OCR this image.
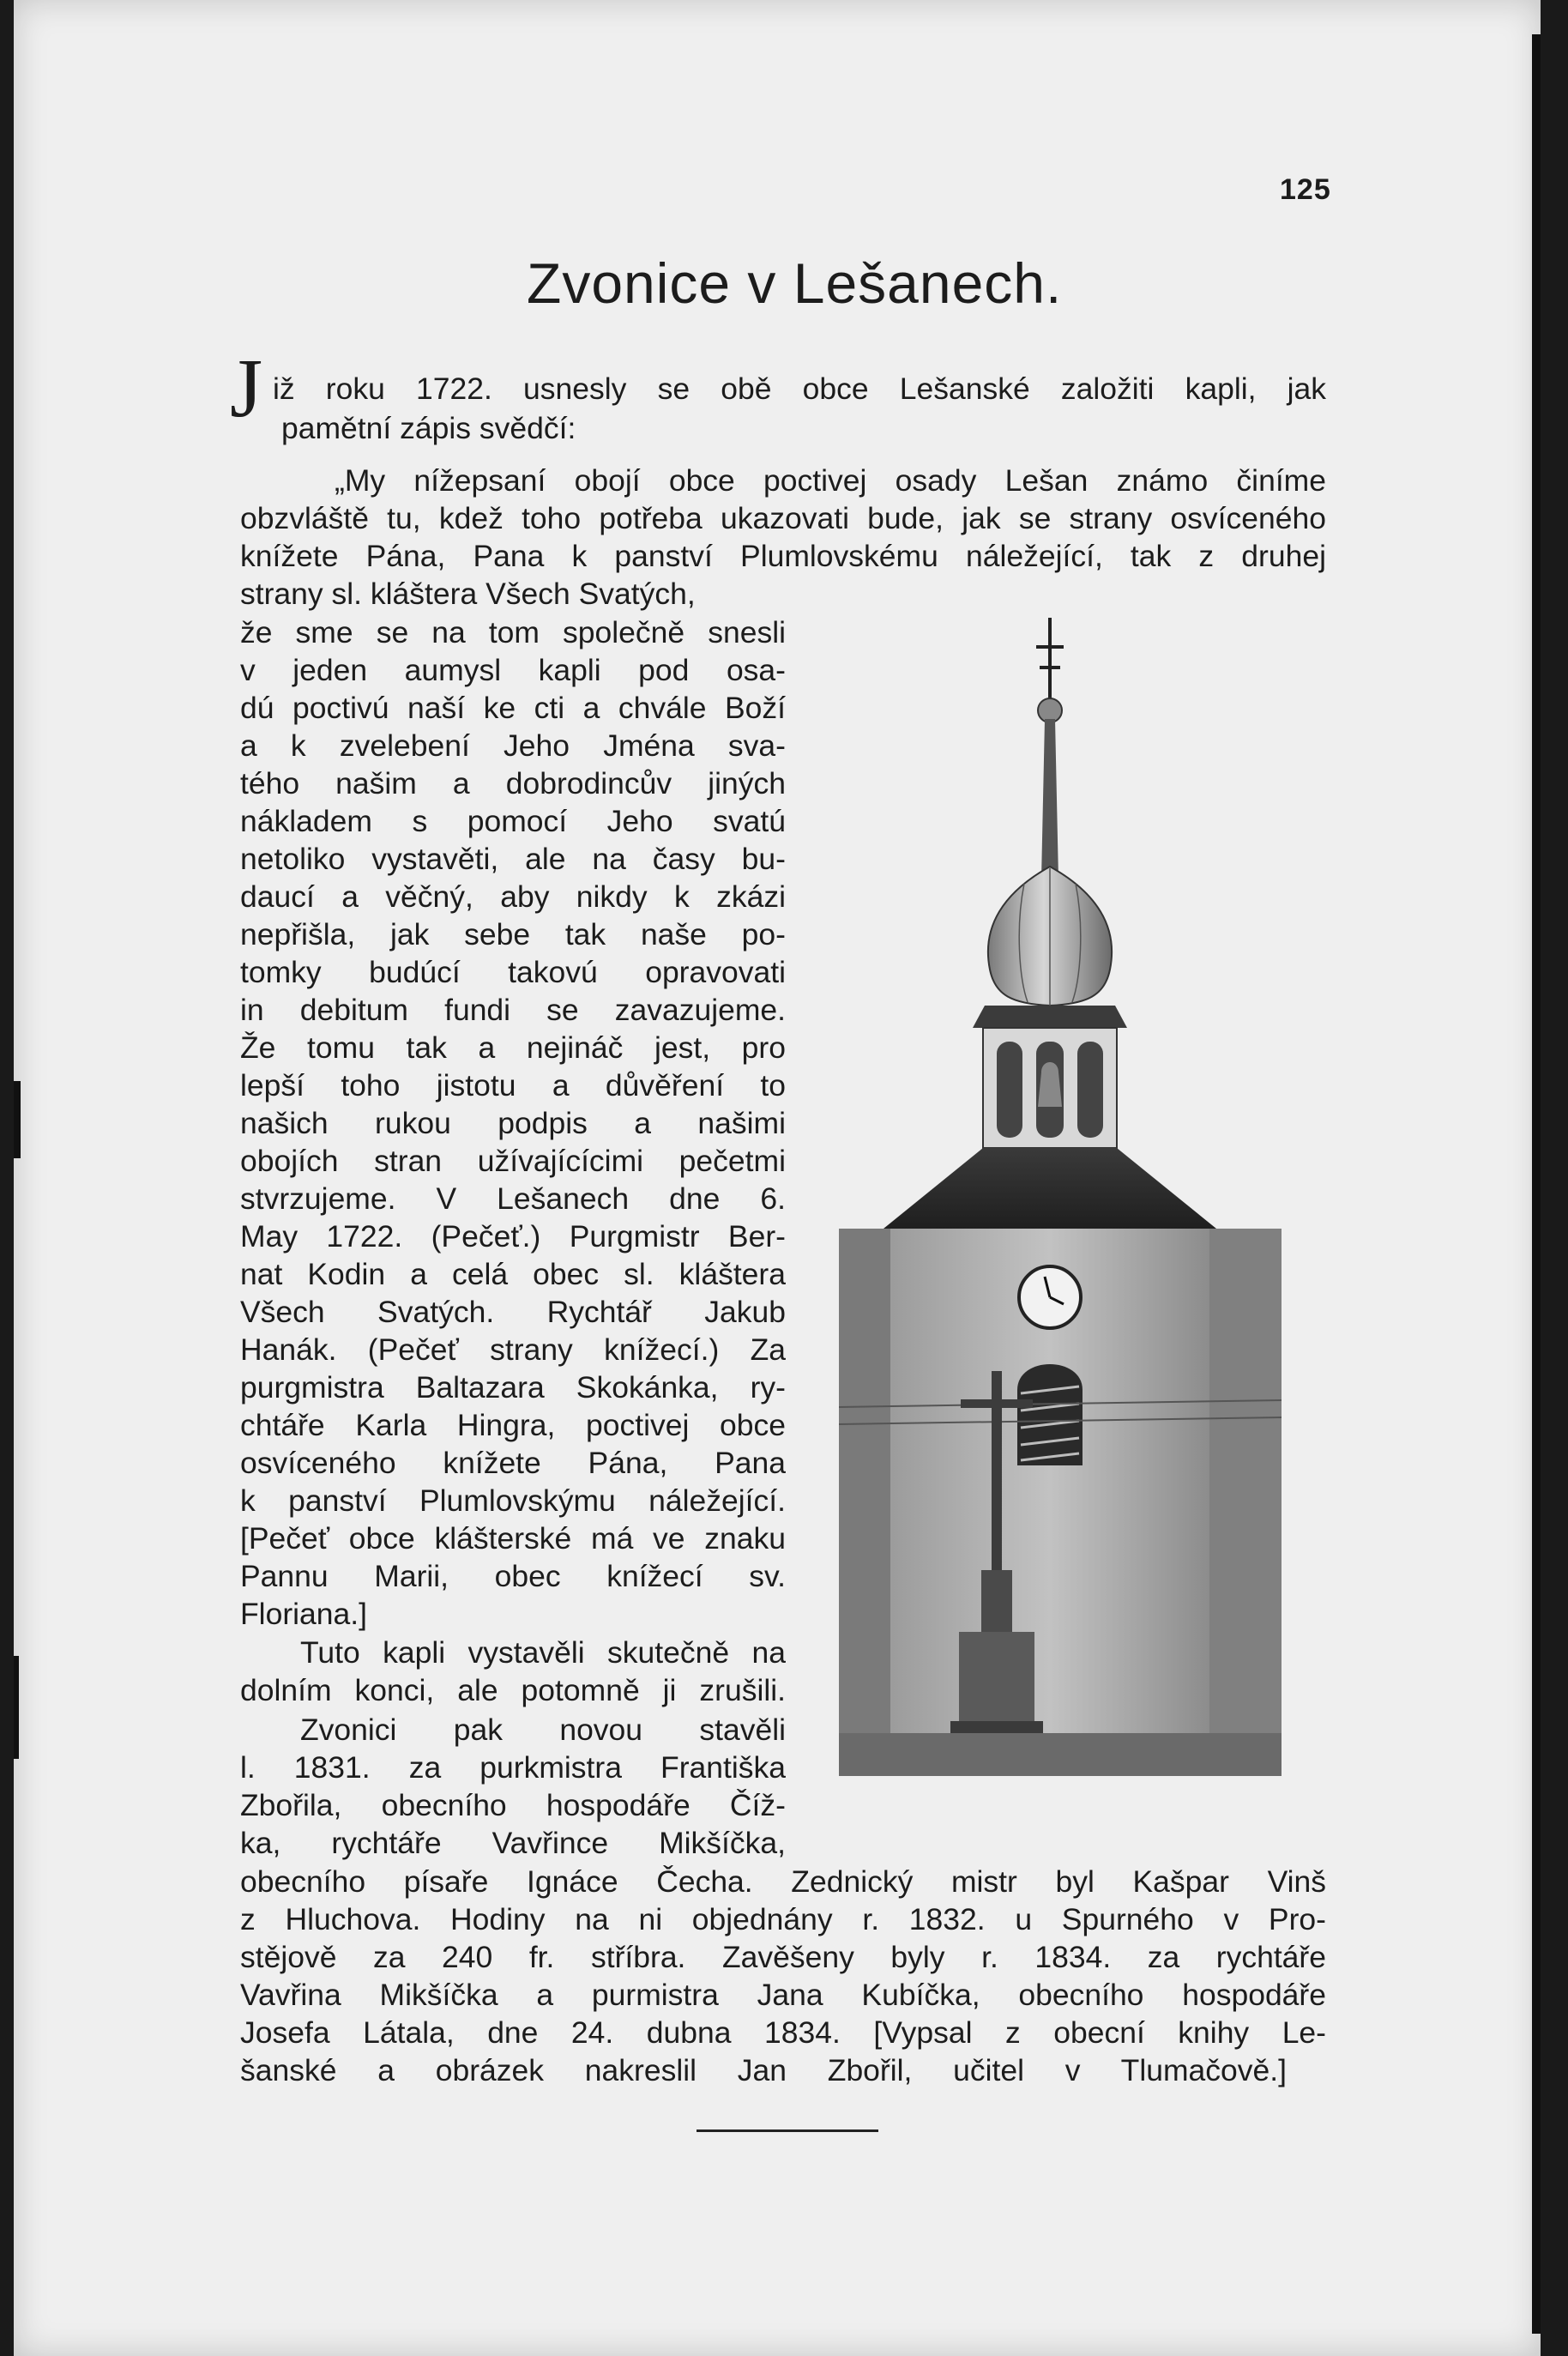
125
Zvonice v Lešanech.
J iž roku 1722. usnesly se obě obce Lešanské založiti kapli, jak
pamětní zápis svědčí:
„My nížepsaní obojí obce poctivej osady Lešan známo činíme
obzvláště tu, kdež toho potřeba ukazovati bude, jak se strany osvíceného
knížete Pána, Pana k panství Plumlovskému náležející, tak z druhej
strany sl. kláštera Všech Svatých,
že sme se na tom společně snesli
v jeden aumysl kapli pod osa-
dú poctivú naší ke cti a chvále Boží
a k zvelebení Jeho Jména sva-
tého našim a dobrodincův jiných
nákladem s pomocí Jeho svatú
netoliko vystavěti, ale na časy bu-
daucí a věčný, aby nikdy k zkázi
nepřišla, jak sebe tak naše po-
tomky budúcí takovú opravovati
in debitum fundi se zavazujeme.
Že tomu tak a nejináč jest, pro
lepší toho jistotu a důvěření to
našich rukou podpis a našimi
obojích stran užívajícícimi pečetmi
stvrzujeme. V Lešanech dne 6.
May 1722. (Pečeť.) Purgmistr Ber-
nat Kodin a celá obec sl. kláštera
Všech Svatých. Rychtář Jakub
Hanák. (Pečeť strany knížecí.) Za
purgmistra Baltazara Skokánka, ry-
chtáře Karla Hingra, poctivej obce
osvíceného knížete Pána, Pana
k panství Plumlovskýmu náležející.
[Pečeť obce klášterské má ve znaku
Pannu Marii, obec knížecí sv.
Floriana.]
Tuto kapli vystavěli skutečně na
dolním konci, ale potomně ji zrušili.
Zvonici pak novou stavěli
l. 1831. za purkmistra Františka
Zbořila, obecního hospodáře Číž-
ka, rychtáře Vavřince Mikšíčka,
obecního písaře Ignáce Čecha. Zednický mistr byl Kašpar Vinš
z Hluchova. Hodiny na ni objednány r. 1832. u Spurného v Pro-
stějově za 240 fr. stříbra. Zavěšeny byly r. 1834. za rychtáře
Vavřina Mikšíčka a purmistra Jana Kubíčka, obecního hospodáře
Josefa Látala, dne 24. dubna 1834. [Vypsal z obecní knihy Le-
šanské a obrázek nakreslil Jan Zbořil, učitel v Tlumačově.]
